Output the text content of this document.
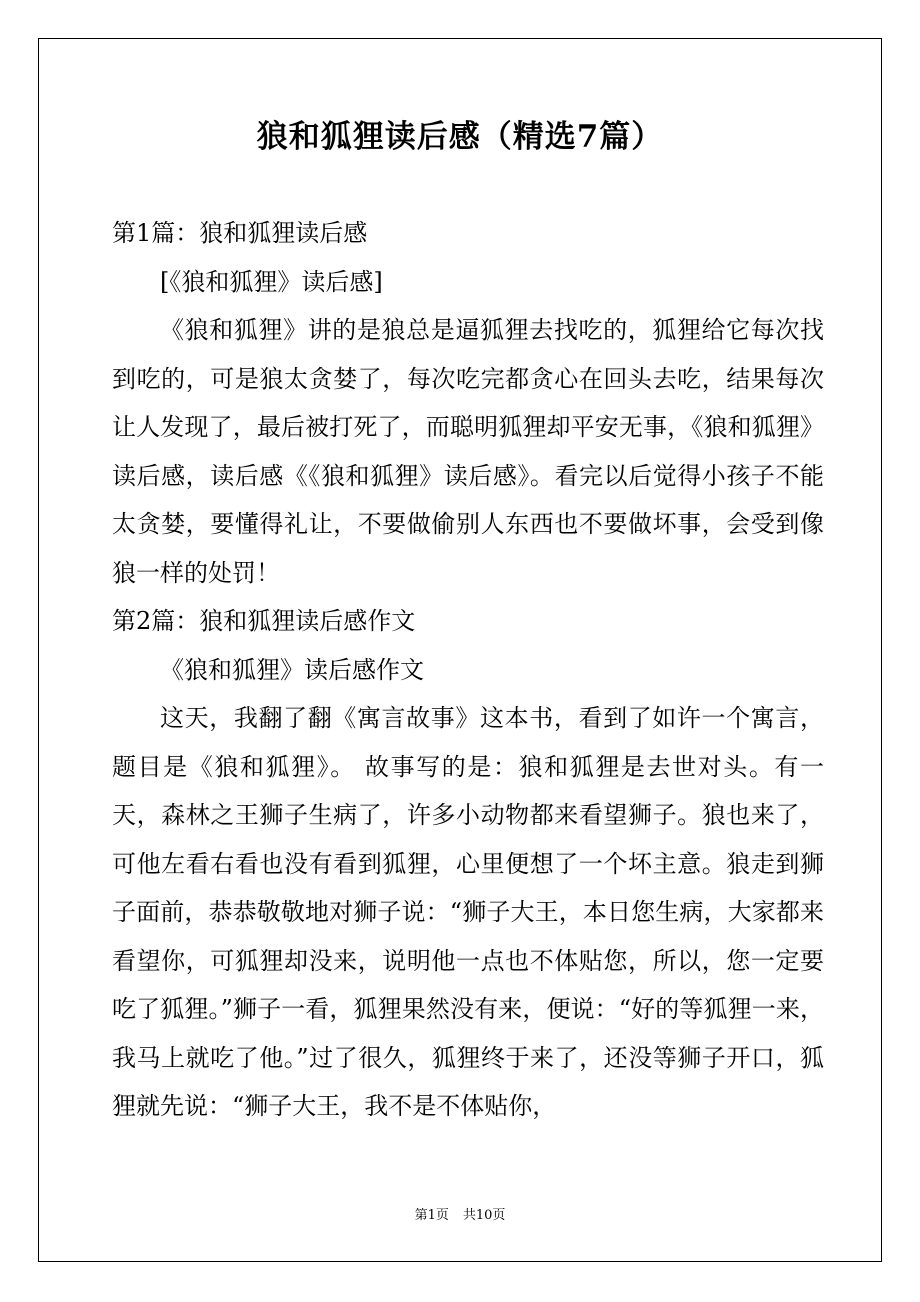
狼和狐狸读后感（精选7篇）

第1篇：狼和狐狸读后感

[《狼和狐狸》读后感]

《狼和狐狸》讲的是狼总是逼狐狸去找吃的，狐狸给它每次找到吃的，可是狼太贪婪了，每次吃完都贪心在回头去吃，结果每次让人发现了，最后被打死了，而聪明狐狸却平安无事，《狼和狐狸》读后感，读后感《《狼和狐狸》读后感》。看完以后觉得小孩子不能太贪婪，要懂得礼让，不要做偷别人东西也不要做坏事，会受到像狼一样的处罚！

第2篇：狼和狐狸读后感作文

《狼和狐狸》读后感作文

这天，我翻了翻《寓言故事》这本书，看到了如许一个寓言，题目是《狼和狐狸》。 故事写的是：狼和狐狸是去世对头。有一天，森林之王狮子生病了，许多小动物都来看望狮子。狼也来了，可他左看右看也没有看到狐狸，心里便想了一个坏主意。狼走到狮子面前，恭恭敬敬地对狮子说：“狮子大王，本日您生病，大家都来看望你，可狐狸却没来，说明他一点也不体贴您，所以，您一定要吃了狐狸。”狮子一看，狐狸果然没有来，便说：“好的等狐狸一来，我马上就吃了他。”过了很久，狐狸终于来了，还没等狮子开口，狐狸就先说：“狮子大王，我不是不体贴你，

第1页 共10页
